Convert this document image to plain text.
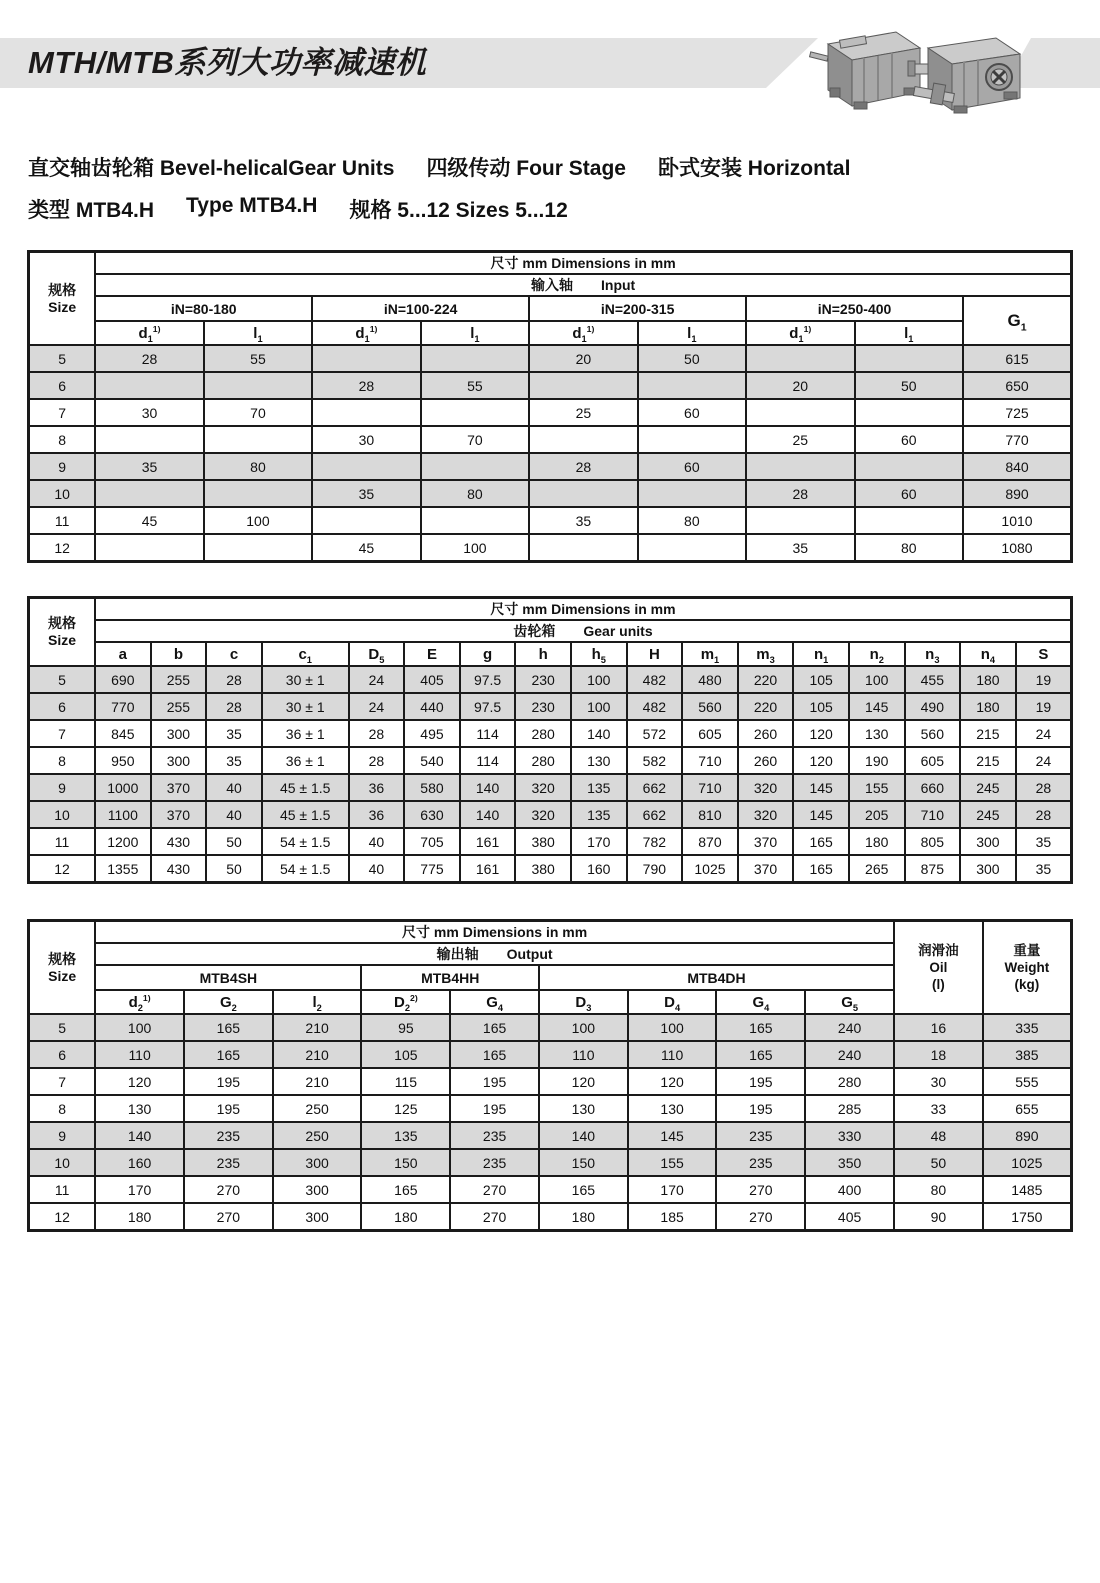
MTH/MTB系列大功率减速机

直交轴齿轮箱 Bevel-helicalGear Units 四级传动 Four Stage 卧式安装 Horizontal

类型 MTB4.H Type MTB4.H 规格 5...12 Sizes 5...12

规格
Size	尺寸 mm Dimensions in mm								
	输入轴 Input								
	iN=80-180		iN=100-224		iN=200-315		iN=250-400		$G_1$
	$d_1^{1)}$	$l_1$	$d_1^{1)}$	$l_1$	$d_1^{1)}$	$l_1$	$d_1^{1)}$	$l_1$
5	28	55			20	50			615
6			28	55			20	50	650
7	30	70			25	60			725
8			30	70			25	60	770
9	35	80			28	60			840
10			35	80			28	60	890
11	45	100			35	80			1010
12			45	100			35	80	1080
规格
Size	尺寸 mm Dimensions in mm																
	齿轮箱 Gear units																
	a	b	c	$c_1$	$D_5$	E	g	h	$h_5$	H	$m_1$	$m_3$	$n_1$	$n_2$	$n_3$	$n_4$	S
5	690	255	28	30 ± 1	24	405	97.5	230	100	482	480	220	105	100	455	180	19
6	770	255	28	30 ± 1	24	440	97.5	230	100	482	560	220	105	145	490	180	19
7	845	300	35	36 ± 1	28	495	114	280	140	572	605	260	120	130	560	215	24
8	950	300	35	36 ± 1	28	540	114	280	130	582	710	260	120	190	605	215	24
9	1000	370	40	45 ± 1.5	36	580	140	320	135	662	710	320	145	155	660	245	28
10	1100	370	40	45 ± 1.5	36	630	140	320	135	662	810	320	145	205	710	245	28
11	1200	430	50	54 ± 1.5	40	705	161	380	170	782	870	370	165	180	805	300	35
12	1355	430	50	54 ± 1.5	40	775	161	380	160	790	1025	370	165	265	875	300	35
规格
Size	尺寸 mm Dimensions in mm									润滑油
Oil
(l)	重量
Weight
(kg)
	输出轴 Output										
	MTB4SH			MTB4HH		MTB4DH					
	$d_2^{1)}$	$G_2$	$l_2$	$D_2^{2)}$	$G_4$	$D_3$	$D_4$	$G_4$	$G_5$
5	100	165	210	95	165	100	100	165	240	16	335
6	110	165	210	105	165	110	110	165	240	18	385
7	120	195	210	115	195	120	120	195	280	30	555
8	130	195	250	125	195	130	130	195	285	33	655
9	140	235	250	135	235	140	145	235	330	48	890
10	160	235	300	150	235	150	155	235	350	50	1025
11	170	270	300	165	270	165	170	270	400	80	1485
12	180	270	300	180	270	180	185	270	405	90	1750
